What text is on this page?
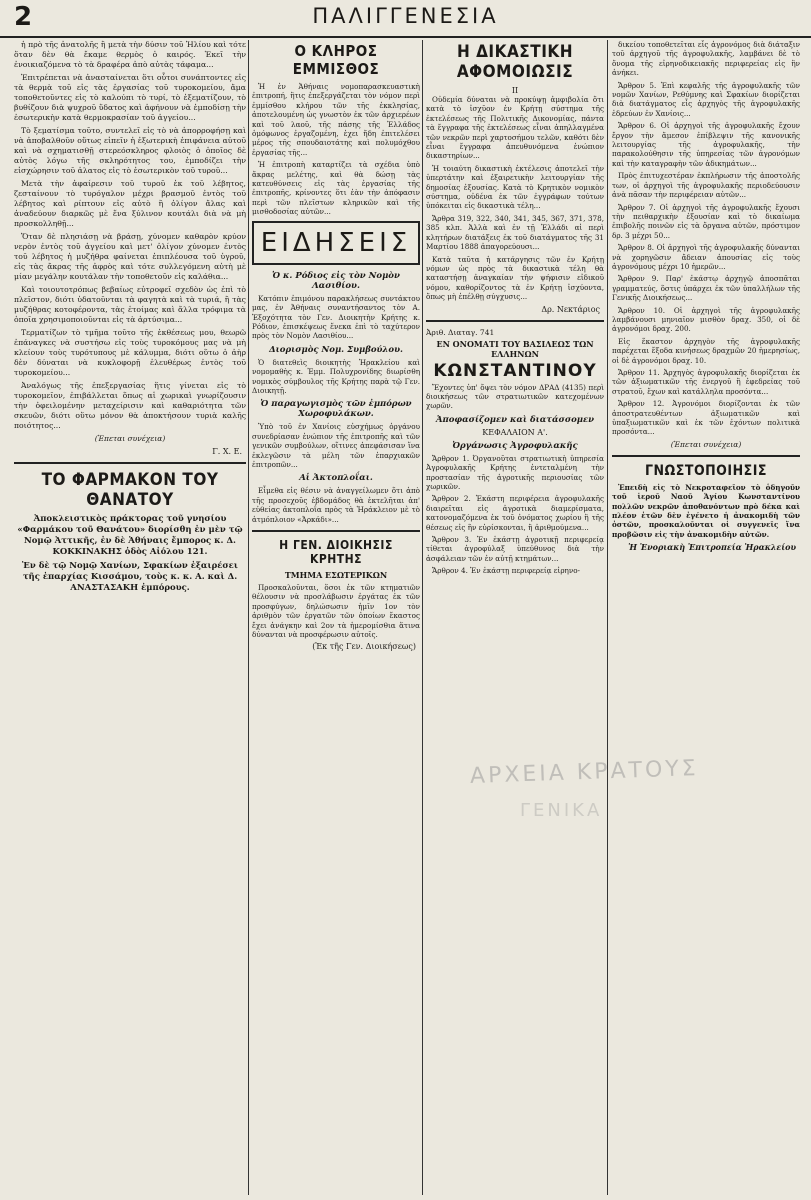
2	ΠΑΛΙΓΓΕΝΕΣΙΑ

ἡ πρὸ τῆς ἀνατολῆς ἢ μετὰ τὴν δύσιν τοῦ Ἡλίου καὶ τότε ὅταν δὲν θὰ ἔκαμε θερμὸς ὁ καιρός. Ἐκεῖ τὴν ἐνοικιαζόμενα τὸ τὰ δραφέρα ἀπὸ αὐτὰς τάφαμα...

Ἐπιτρέπεται νὰ ἀνασταίνεται ὅτι οὗτοι συνάπτοντες εἰς τὰ θερμὰ τοῦ εἰς τὰς ἐργασίας τοῦ τυροκομείου, ἄμα τοποθετοῦντες εἰς τὸ καλούπι τὸ τυρί, τὸ ἐξεματίζουν, τὸ βυθίζουν διὰ ψυχροῦ ὕδατος καὶ ἀφήνουν νὰ ἐμποδίσῃ τὴν ἐσωτερικὴν κατὰ θερμοκρασίαν τοῦ ἀγγείου...

Τὸ ξεματίσμα τοῦτο, συντελεῖ εἰς τὸ νὰ ἀπορροφήσῃ καὶ νὰ ἀποβαλθοῦν οὕτως εἰπεῖν ἡ ἐξωτερικὴ ἐπιφάνεια αὐτοῦ καὶ νὰ σχηματισθῇ στερεόσκληρος φλοιὸς ὁ ὁποῖος δὲ αὐτὸς λόγω τῆς σκληρότητος του, ἐμποδίζει τὴν εἰσχώρησιν τοῦ ἀλατος εἰς τὸ ἐσωτερικὸν τοῦ τυροῦ...

Μετὰ τὴν ἀφαίρεσιν τοῦ τυροῦ ἐκ τοῦ λέβητος, ζεσταίνουν τὸ τυρόγαλον μέχρι βρασμοῦ ἐντὸς τοῦ λέβητος καὶ ρίπτουν εἰς αὐτὸ ἢ ὀλίγον ἄλας καὶ ἀναδεύουν διαρκῶς μὲ ἕνα ξύλινον κουτάλι διὰ νὰ μὴ προσκολληθῇ...

Ὅταν δὲ πλησιάσῃ νὰ βράσῃ, χύνομεν καθαρὸν κρύον νερὸν ἐντὸς τοῦ ἀγγείου καὶ μετ' ὀλίγον χύνομεν ἐντὸς τοῦ λέβητος ἡ μυζήθρα φαίνεται ἐπιπλέουσα τοῦ ὑγροῦ, εἰς τὰς ἄκρας τῆς ἀφρὸς καὶ τότε συλλεγόμενη αὐτὴ μὲ μίαν μεγάλην κουτάλαν τὴν τοποθετοῦν εἰς καλάθια...

Καὶ τοιουτοτρόπως βεβαίως εὐτροφεῖ σχεδὸν ὡς ἐπὶ τὸ πλεῖστον, διότι ὑδατοῦνται τὰ φαγητὰ καὶ τὰ τυριά, ἢ τὰς μυζήθρας κοτοφέροντα, τὰς ἑτοίμας καὶ ἄλλα τρόφιμα τὰ ὁποῖα χρησιμοποιοῦνται εἰς τὰ ἀρτύσιμα...

Τερματίζων τὸ τμῆμα τοῦτο τῆς ἐκθέσεως μου, θεωρῶ ἐπάναγκες νὰ συστήσω εἰς τοὺς τυροκόμους μας νὰ μὴ κλείουν τοὺς τυρότυπους μὲ κάλυμμα, διότι οὕτω ὁ ἀὴρ δὲν δύναται νὰ κυκλοφορῇ ἐλευθέρως ἐντὸς τοῦ τυροκομείου...

Ἀναλόγως τῆς ἐπεξεργασίας ἥτις γίνεται εἰς τὸ τυροκομεῖον, ἐπιβάλλεται ὅπως αἱ χωρικαὶ γνωρίζουσιν τὴν ὀφειλομένην μεταχείρισιν καὶ καθαριότητα τῶν σκευῶν, διότι οὕτω μόνον θὰ ἀποκτήσουν τυριὰ καλῆς ποιότητος...

(Ἐπεται συνέχεια)
Γ. Χ. Ε.
ΤΟ ΦΑΡΜΑΚΟΝ ΤΟΥ ΘΑΝΑΤΟΥ

Ἀποκλειστικὸς πράκτορας τοῦ γνησίου «Φαρμάκου τοῦ Θανάτου» διορίσθη ἐν μὲν τῷ Νομῷ Ἀττικῆς, ἐν δὲ Ἀθήναις ἔμπορος κ. Δ. ΚΟΚΚΙΝΑΚΗΣ ὁδὸς Αἰόλου 121.

Ἐν δὲ τῷ Νομῷ Χανίων, Σφακίων ἐξαιρέσει τῆς ἐπαρχίας Κισσάμου, τοὺς κ. κ. Α. καὶ Δ. ΑΝΑΣΤΑΣΑΚΗ ἐμπόρους.

Ο ΚΛΗΡΟΣ ΕΜΜΙΣΘΟΣ

Ἡ ἐν Ἀθήναις νομοπαρασκευαστικὴ ἐπιτροπή, ἣτις ἐπεξεργάζεται τὸν νόμον περὶ ἐμμίσθου κλήρου τῶν τῆς ἐκκλησίας, ἀποτελουμένη ὡς γνωστὸν ἐκ τῶν ἀρχιερέων καὶ τοῦ λαοῦ, τῆς πάσης τῆς Ἑλλάδος ὁμόφωνος ἐργαζομένη, ἐχει ἤδη ἐπιτελέσει μέρος τῆς σπουδαιοτάτης καὶ πολυμόχθου ἐργασίας τῆς...

Ἡ ἐπιτροπὴ καταρτίζει τὰ σχέδια ὑπὸ ἄκρας μελέτης, καὶ θὰ δώσῃ τὰς κατευθύνσεις εἰς τὰς ἐργασίας τῆς ἐπιτροπῆς, κρίνοντες ὅτι ἐὰν τὴν ἀπόφασιν περὶ τῶν πλεῖστων κληρικῶν καὶ τῆς μισθοδοσίας αὐτῶν...

ΕΙΔΗΣΕΙΣ
Ὁ κ. Ρόδιος εἰς τὸν Νομὸν Λασιθίου.

Κατόπιν ἐπιμόνου παρακλήσεως συντάκτου μας, ἐν Ἀθήναις συναντήσαντος τὸν Α. Ἐξοχότητα τὸν Γεν. Διοικητὴν Κρήτης κ. Ρόδιον, ἐπισκέψεως ἕνεκα ἐπὶ τὸ ταχύτερον πρὸς τὸν Νομὸν Λασιθίου...

Διορισμὸς Νομ. Συμβούλου.

Ὁ διατεθεὶς διοικητὴς Ἡρακλείου καὶ νομομαθὴς κ. Ἐμμ. Πολυχρονίδης διωρίσθη νομικὸς σύμβουλος τῆς Κρήτης παρὰ τῷ Γεν. Διοικητῇ.

Ὁ παραγωγισμὸς τῶν ἐμπόρων Χωροφυλάκων.

Ὑπὸ τοῦ ἐν Χανίοις εὐσχήμως ὀργάνου συνεδρίασαν ἐνώπιον τῆς ἐπιτροπῆς καὶ τῶν γενικῶν συμβούλων, οἵτινες ἀπεφάσισαν ἵνα ἐκλεγῶσιν τὰ μέλη τῶν ἐπαρχιακῶν ἐπιτροπῶν...

Αἱ Ἀκτοπλοΐαι.

Εἶμεθα εἰς θέσιν νὰ ἀναγγείλωμεν ὅτι ἀπὸ τῆς προσεχοῦς ἑβδομάδος θὰ ἐκτελῆται ἀπ' εὐθείας ἀκτοπλοΐα πρὸς τὰ Ἡράκλειον μὲ τὸ ἀτμόπλοιον «Ἀρκάδι»...

Η ΓΕΝ. ΔΙΟΙΚΗΣΙΣ ΚΡΗΤΗΣ
ΤΜΗΜΑ ΕΣΩΤΕΡΙΚΩΝ

Προσκαλοῦνται, ὅσοι ἐκ τῶν κτηματιῶν θέλουσιν νὰ προσλάβωσιν ἐργάτας ἐκ τῶν προσφύγων, δηλώσωσιν ἡμῖν 1ον τὸν ἀριθμὸν τῶν ἐργατῶν τῶν ὁποίων ἔκαστος ἔχει ἀνάγκην καὶ 2ον τὰ ἡμερομίσθια ἅτινα δύνανται νὰ προσφέρωσιν αὐτοῖς.

(Ἐκ τῆς Γεν. Διοικήσεως)
Η ΔΙΚΑΣΤΙΚΗ ΑΦΟΜΟΙΩΣΙΣ
ΙΙ

Οὐδεμία δύναται νὰ προκύψῃ ἀμφιβολία ὅτι κατὰ τὸ ἰσχῦον ἐν Κρήτῃ σύστημα τῆς ἐκτελέσεως τῆς Πολιτικῆς Δικονομίας, πάντα τὰ ἔγγραφα τῆς ἐκτελέσεως εἶναι ἀπηλλαγμένα τῶν νεκρῶν περὶ χαρτοσήμου τελῶν, καθότι δὲν εἶναι ἔγγραφα ἀπευθυνόμενα ἐνώπιον δικαστηρίων...

Ἡ τοιαύτη δικαστικὴ ἐκτέλεσις ἀποτελεῖ τὴν ὑπερτάτην καὶ ἐξαιρετικὴν λειτουργίαν τῆς δημοσίας ἐξουσίας. Κατὰ τὸ Κρητικὸν νομικὸν σύστημα, οὐδένα ἐκ τῶν ἐγγράφων τούτων ὑπόκειται εἰς δικαστικὰ τέλη...

Ἄρθρα 319, 322, 340, 341, 345, 367, 371, 378, 385 κλπ. Ἀλλὰ καὶ ἐν τῇ Ἑλλάδι αἱ περὶ κλητήρων διατάξεις ἐκ τοῦ διατάγματος τῆς 31 Μαρτίου 1888 ἀπαγορεύουσι...

Κατὰ ταῦτα ἡ κατάργησις τῶν ἐν Κρήτῃ νόμων ὡς πρὸς τὰ δικαστικὰ τέλη θὰ καταστήσῃ ἀναγκαίαν τὴν ψήφισιν εἰδικοῦ νόμου, καθορίζοντος τὰ ἐν Κρήτῃ ἰσχύοντα, ὅπως μὴ ἐπέλθῃ σύγχυσις...

Δρ. Νεκτάριος
Ἀριθ. Διαταγ. 741
ΕΝ ΟΝΟΜΑΤΙ ΤΟΥ ΒΑΣΙΛΕΩΣ ΤΩΝ ΕΛΛΗΝΩΝ
ΚΩΝΣΤΑΝΤΙΝΟΥ

Ἔχοντες ὑπ' ὄψει τὸν νόμον ΔΡΑΔ (4135) περὶ διοικήσεως τῶν στρατιωτικῶν κατεχομένων χωρῶν.

Ἀποφασίζομεν καὶ διατάσσομεν
ΚΕΦΑΛΑΙΟΝ Α'.
Ὀργάνωσις Ἀγροφυλακῆς

Ἄρθρον 1. Ὀργανοῦται στρατιωτικὴ ὑπηρεσία Ἀγροφυλακῆς Κρήτης ἐντεταλμένη τὴν προστασίαν τῆς ἀγροτικῆς περιουσίας τῶν χωρικῶν.

Ἄρθρον 2. Ἑκάστη περιφέρεια ἀγροφυλακῆς διαιρεῖται εἰς ἀγροτικὰ διαμερίσματα, κατονομαζόμενα ἐκ τοῦ ὀνόματος χωρίου ἢ τῆς θέσεως εἰς ἣν εὑρίσκονται, ἢ ἀριθμούμενα...

Ἄρθρον 3. Ἐν ἑκάστῃ ἀγροτικῇ περιφερείᾳ τίθεται ἀγροφύλαξ ὑπεύθυνος διὰ τὴν ἀσφάλειαν τῶν ἐν αὐτῇ κτημάτων...

Ἄρθρον 4. Ἐν ἑκάστῃ περιφερείᾳ εἰρηνο-

δικείου τοποθετεῖται εἷς ἀγρονόμος διὰ διάταξιν τοῦ ἀρχηγοῦ τῆς ἀγροφυλακῆς, λαμβάνει δὲ τὸ ὄνομα τῆς εἰρηνοδικειακῆς περιφερείας εἰς ἣν ἀνήκει.

Ἄρθρον 5. Ἐπὶ κεφαλῆς τῆς ἀγροφυλακῆς τῶν νομῶν Χανίων, Ρεθύμνης καὶ Σφακίων διορίζεται διὰ διατάγματος εἷς ἀρχηγὸς τῆς ἀγροφυλακῆς ἑδρεύων ἐν Χανίοις...

Ἄρθρον 6. Οἱ ἀρχηγοὶ τῆς ἀγροφυλακῆς ἔχουν ἔργον τὴν ἄμεσον ἐπίβλεψιν τῆς κανονικῆς λειτουργίας τῆς ἀγροφυλακῆς, τὴν παρακολούθησιν τῆς ὑπηρεσίας τῶν ἀγρονόμων καὶ τὴν καταγραφὴν τῶν ἀδικημάτων...

Πρὸς ἐπιτυχεστέραν ἐκπλήρωσιν τῆς ἀποστολῆς των, οἱ ἀρχηγοὶ τῆς ἀγροφυλακῆς περιοδεύουσιν ἀνὰ πᾶσαν τὴν περιφέρειαν αὐτῶν...

Ἄρθρον 7. Οἱ ἀρχηγοὶ τῆς ἀγροφυλακῆς ἔχουσι τὴν πειθαρχικὴν ἐξουσίαν καὶ τὸ δικαίωμα ἐπιβολῆς ποινῶν εἰς τὰ ὄργανα αὐτῶν, πρόστιμον δρ. 3 μέχρι 50...

Ἄρθρον 8. Οἱ ἀρχηγοὶ τῆς ἀγροφυλακῆς δύνανται νὰ χορηγῶσιν ἄδειαν ἀπουσίας εἰς τοὺς ἀγρονόμους μέχρι 10 ἡμερῶν...

Ἄρθρον 9. Παρ' ἑκάστῳ ἀρχηγῷ ἀποσπᾶται γραμματεύς, ὅστις ὑπάρχει ἐκ τῶν ὑπαλλήλων τῆς Γενικῆς Διοικήσεως...

Ἄρθρον 10. Οἱ ἀρχηγοὶ τῆς ἀγροφυλακῆς λαμβάνουσι μηνιαῖον μισθὸν δραχ. 350, οἱ δὲ ἀγρονόμοι δραχ. 200.

Εἰς ἕκαστον ἀρχηγὸν τῆς ἀγροφυλακῆς παρέχεται ἔξοδα κινήσεως δραχμῶν 20 ἡμερησίως, οἱ δὲ ἀγρονόμοι δραχ. 10.

Ἄρθρον 11. Ἀρχηγὸς ἀγροφυλακῆς διορίζεται ἐκ τῶν ἀξιωματικῶν τῆς ἐνεργοῦ ἢ ἐφεδρείας τοῦ στρατοῦ, ἔχων καὶ κατάλληλα προσόντα...

Ἄρθρον 12. Ἀγρονόμοι διορίζονται ἐκ τῶν ἀποστρατευθέντων ἀξιωματικῶν καὶ ὑπαξιωματικῶν καὶ ἐκ τῶν ἐχόντων πολιτικὰ προσόντα...

(Ἐπεται συνέχεια)
ΓΝΩΣΤΟΠΟΙΗΣΙΣ

Ἐπειδὴ εἰς τὸ Νεκροταφεῖον τὸ ὁδηγοῦν τοῦ ἱεροῦ Ναοῦ Ἁγίου Κωνσταντίνου πολλῶν νεκρῶν ἀποθανόντων πρὸ δέκα καὶ πλέον ἐτῶν δὲν ἐγένετο ἡ ἀνακομιδὴ τῶν ὀστῶν, προσκαλοῦνται οἱ συγγενεῖς ἵνα προβῶσιν εἰς τὴν ἀνακομιδὴν αὐτῶν.

Ἡ Ἐνοριακὴ Ἐπιτροπεία Ἡρακλείου
ΑΡΧΕΙΑ ΚΡΑΤΟΥΣ
ΓΕΝΙΚΑ
